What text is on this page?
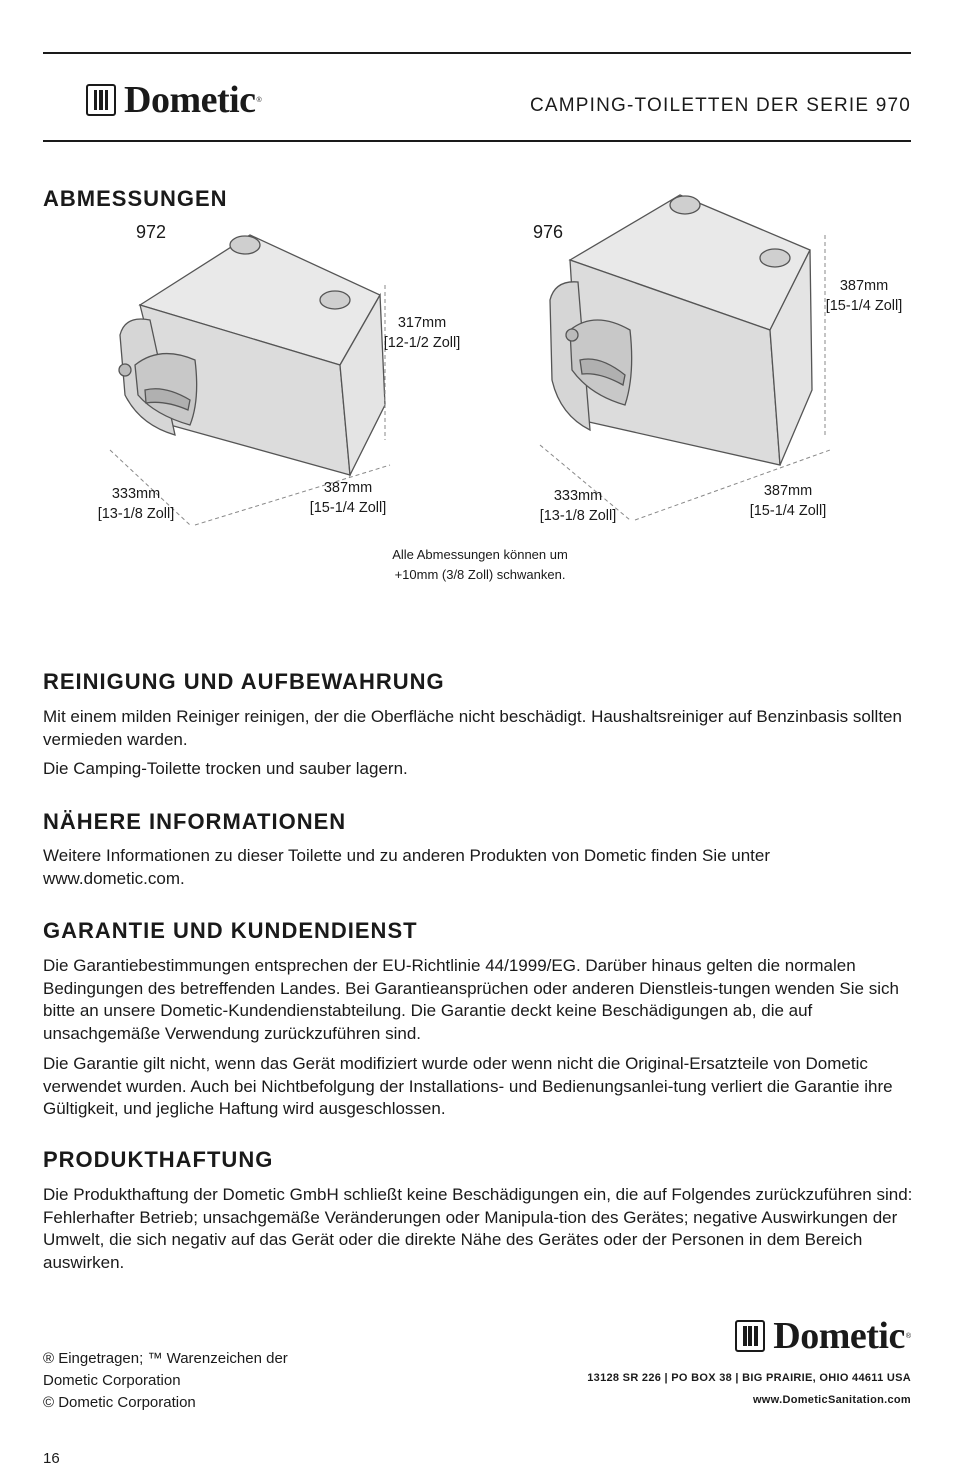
Dometic ®	CAMPING-TOILETTEN DER SERIE 970
ABMESSUNGEN
972	976
317mm
[12-1/2 Zoll]
333mm
[13-1/8 Zoll]
387mm
[15-1/4 Zoll]
387mm
[15-1/4 Zoll]
333mm
[13-1/8 Zoll]
387mm
[15-1/4 Zoll]
Alle Abmessungen können um
+10mm (3/8 Zoll) schwanken.
REINIGUNG UND AUFBEWAHRUNG

Mit einem milden Reiniger reinigen, der die Oberfläche nicht beschädigt. Haushaltsreiniger auf Benzinbasis sollten vermieden warden.

Die Camping-Toilette trocken und sauber lagern.

NÄHERE INFORMATIONEN

Weitere Informationen zu dieser Toilette und zu anderen Produkten von Dometic finden Sie unter www.dometic.com.

GARANTIE UND KUNDENDIENST

Die Garantiebestimmungen entsprechen der EU-Richtlinie 44/1999/EG. Darüber hinaus gelten die normalen Bedingungen des betreffenden Landes. Bei Garantieansprüchen oder anderen Dienstleis-tungen wenden Sie sich bitte an unsere Dometic-Kundendienstabteilung. Die Garantie deckt keine Beschädigungen ab, die auf unsachgemäße Verwendung zurückzuführen sind.

Die Garantie gilt nicht, wenn das Gerät modifiziert wurde oder wenn nicht die Original-Ersatzteile von Dometic verwendet wurden. Auch bei Nichtbefolgung der Installations- und Bedienungsanlei-tung verliert die Garantie ihre Gültigkeit, und jegliche Haftung wird ausgeschlossen.

PRODUKTHAFTUNG

Die Produkthaftung der Dometic GmbH schließt keine Beschädigungen ein, die auf Folgendes zurückzuführen sind: Fehlerhafter Betrieb; unsachgemäße Veränderungen oder Manipula-tion des Gerätes; negative Auswirkungen der Umwelt, die sich negativ auf das Gerät oder die direkte Nähe des Gerätes oder der Personen in dem Bereich auswirken.

® Eingetragen; ™ Warenzeichen der
Dometic Corporation
© Dometic Corporation
16
Dometic ®
13128 SR 226 | PO BOX 38 | BIG PRAIRIE, OHIO 44611 USA
www.DometicSanitation.com
